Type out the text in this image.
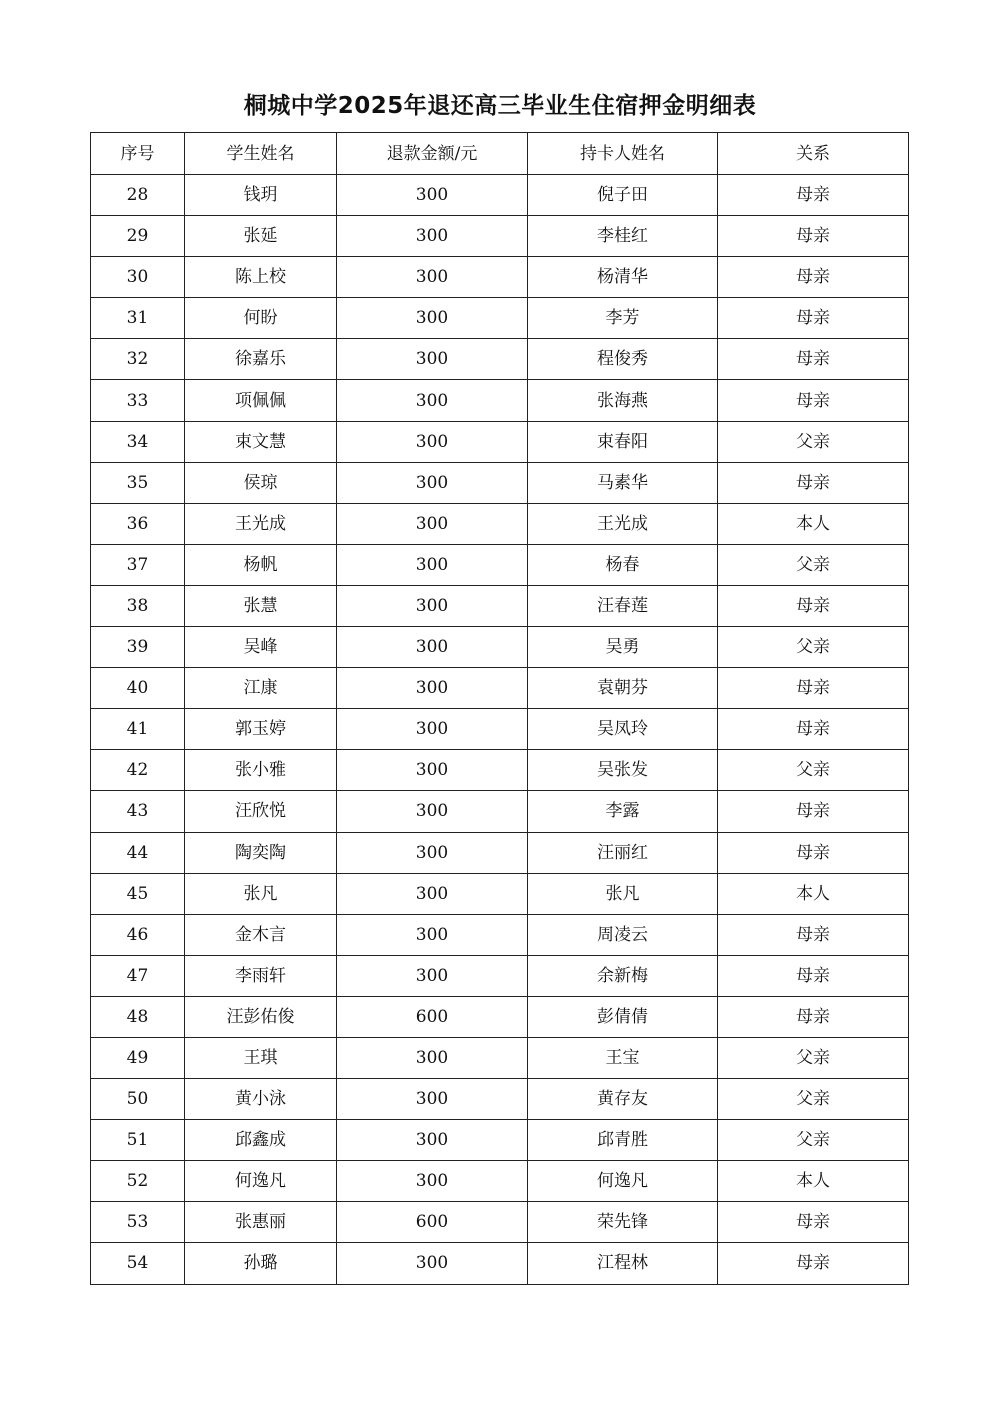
桐城中学2025年退还高三毕业生住宿押金明细表
序号	学生姓名	退款金额/元	持卡人姓名	关系
28	钱玥	300	倪子田	母亲
29	张延	300	李桂红	母亲
30	陈上校	300	杨清华	母亲
31	何盼	300	李芳	母亲
32	徐嘉乐	300	程俊秀	母亲
33	项佩佩	300	张海燕	母亲
34	束文慧	300	束春阳	父亲
35	侯琼	300	马素华	母亲
36	王光成	300	王光成	本人
37	杨帆	300	杨春	父亲
38	张慧	300	汪春莲	母亲
39	吴峰	300	吴勇	父亲
40	江康	300	袁朝芬	母亲
41	郭玉婷	300	吴凤玲	母亲
42	张小雅	300	吴张发	父亲
43	汪欣悦	300	李露	母亲
44	陶奕陶	300	汪丽红	母亲
45	张凡	300	张凡	本人
46	金木言	300	周凌云	母亲
47	李雨轩	300	余新梅	母亲
48	汪彭佑俊	600	彭倩倩	母亲
49	王琪	300	王宝	父亲
50	黄小泳	300	黄存友	父亲
51	邱鑫成	300	邱青胜	父亲
52	何逸凡	300	何逸凡	本人
53	张惠丽	600	荣先锋	母亲
54	孙璐	300	江程林	母亲
